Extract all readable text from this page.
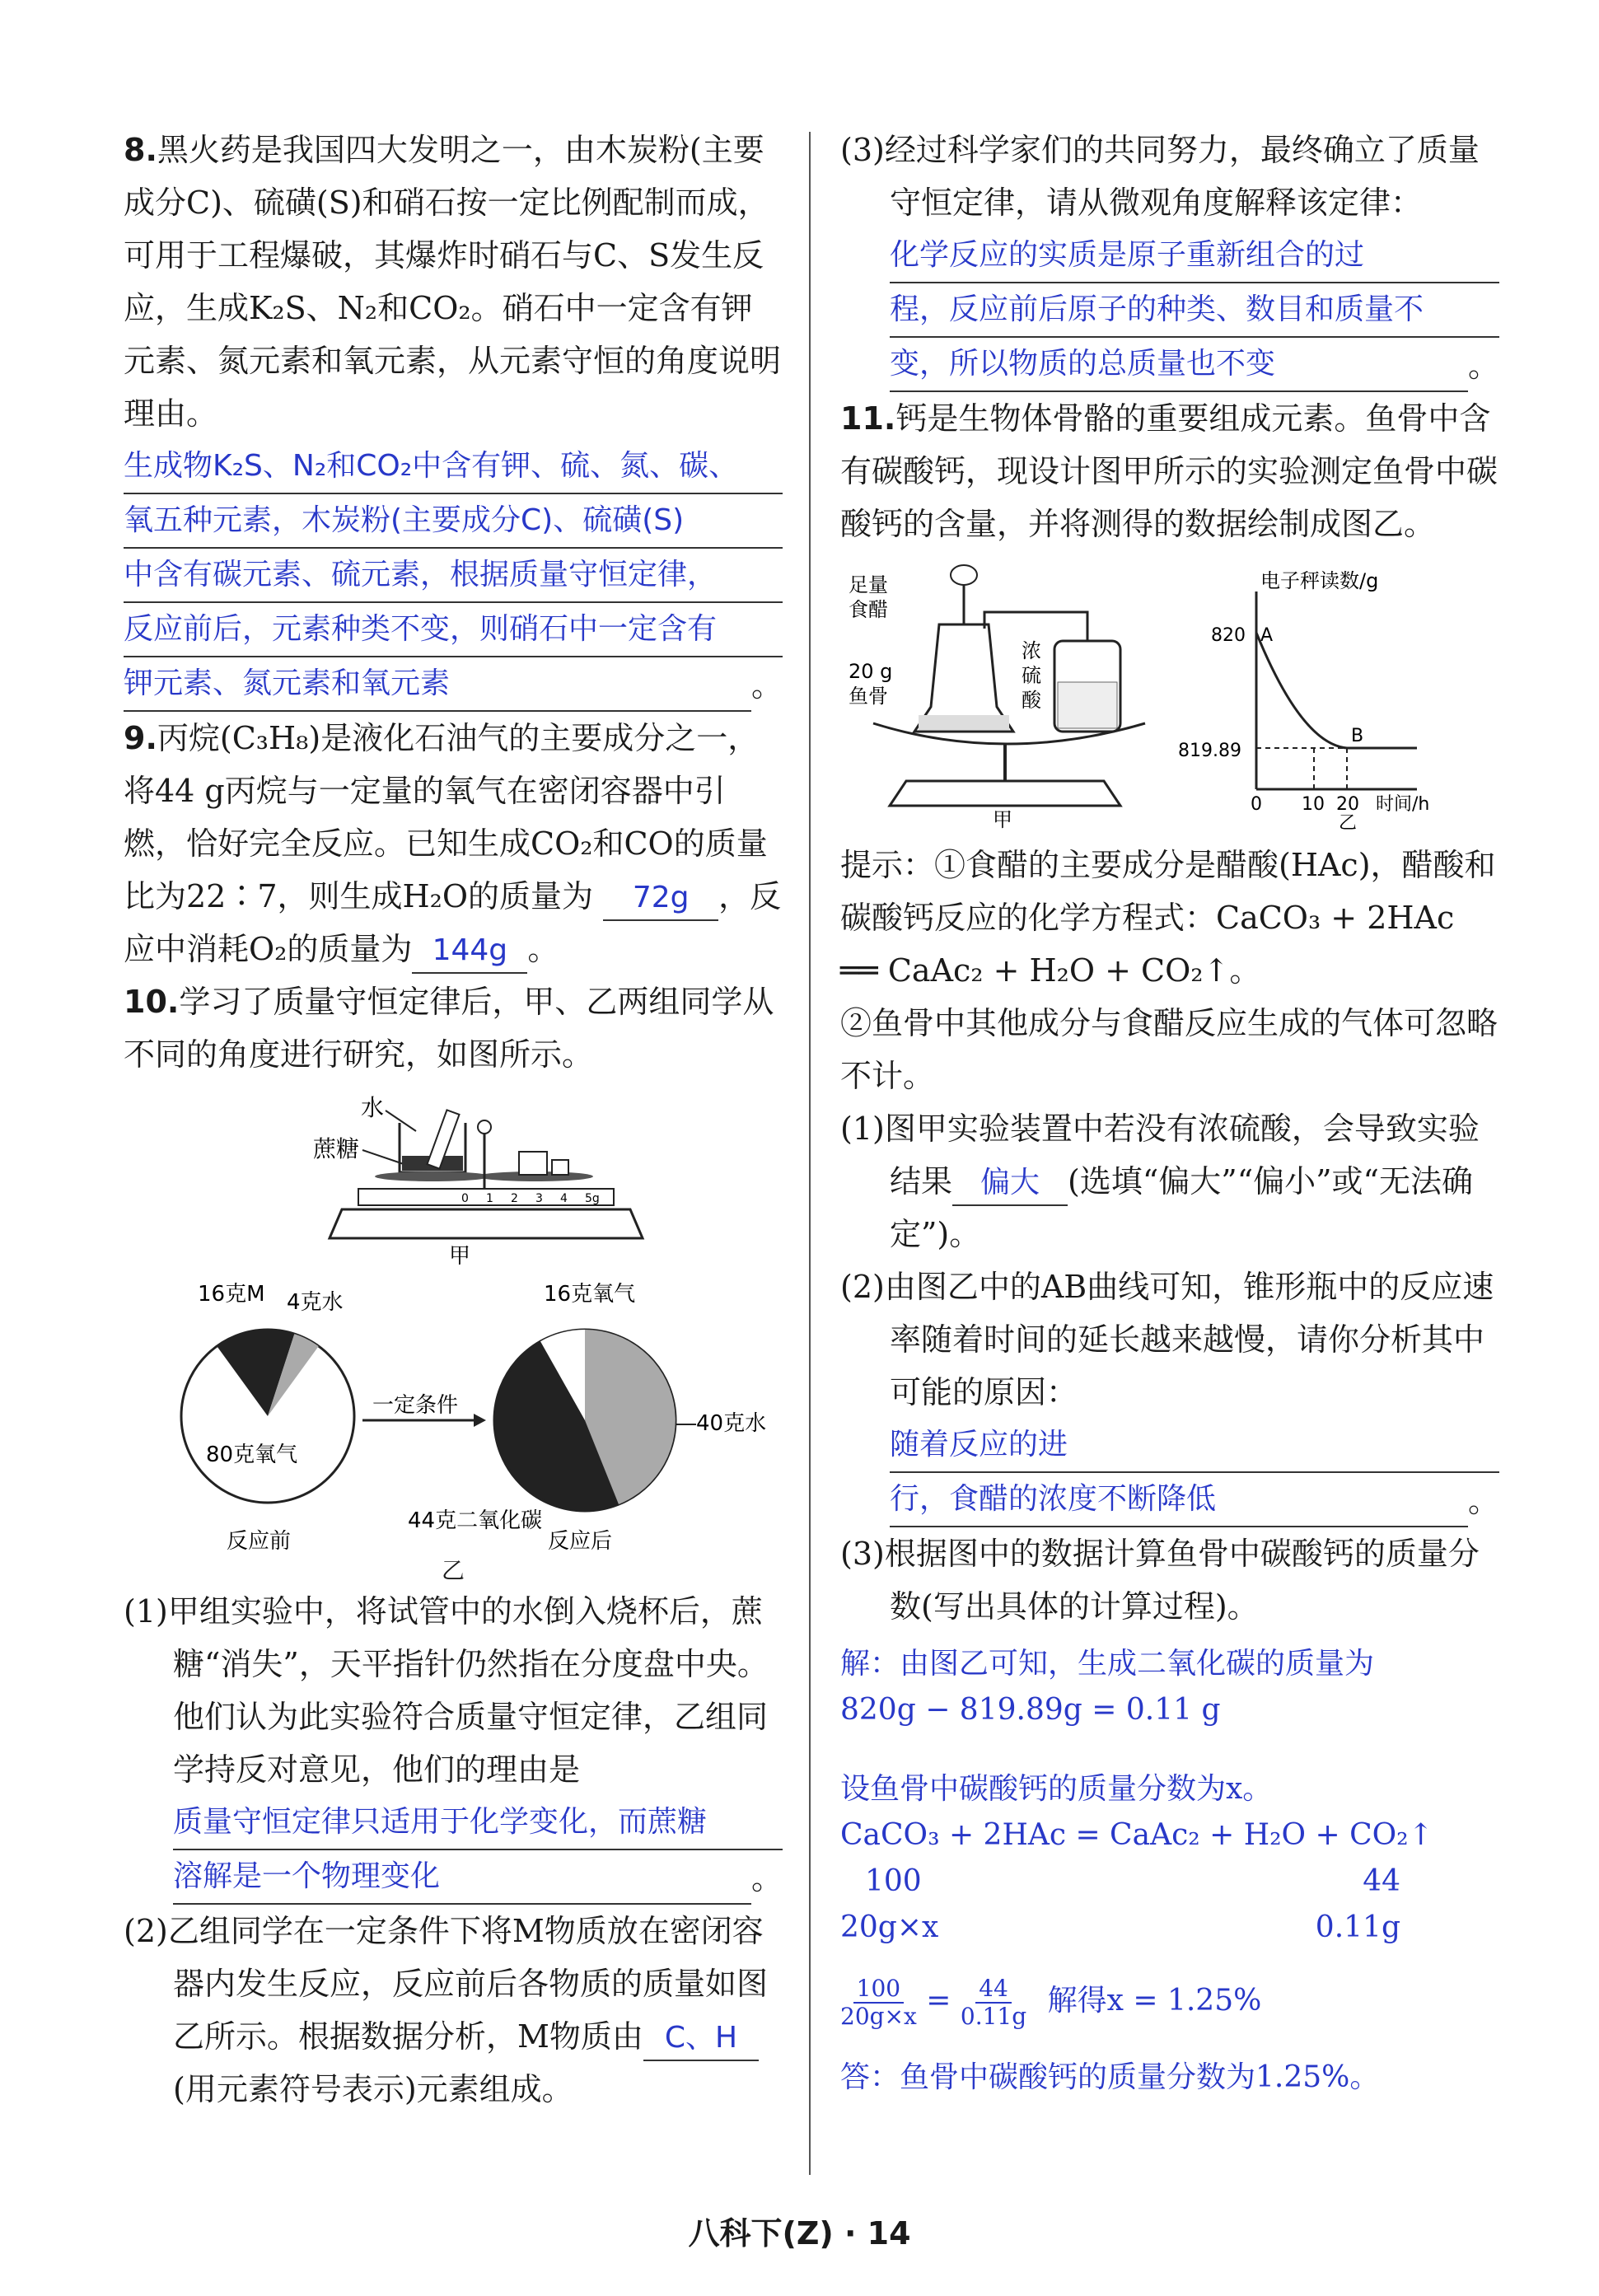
8.黑火药是我国四大发明之一，由木炭粉(主要成分C)、硫磺(S)和硝石按一定比例配制而成，可用于工程爆破，其爆炸时硝石与C、S发生反应，生成K₂S、N₂和CO₂。硝石中一定含有钾元素、氮元素和氧元素，从元素守恒的角度说明理由。
生成物K₂S、N₂和CO₂中含有钾、硫、氮、碳、
氧五种元素，木炭粉(主要成分C)、硫磺(S)
中含有碳元素、硫元素，根据质量守恒定律，
反应前后，元素种类不变，则硝石中一定含有
钾元素、氮元素和氧元素	。
9.丙烷(C₃H₈)是液化石油气的主要成分之一，将44 g丙烷与一定量的氧气在密闭容器中引燃，恰好完全反应。已知生成CO₂和CO的质量比为22∶7，则生成H₂O的质量为 72g ，反应中消耗O₂的质量为 144g 。
10.学习了质量守恒定律后，甲、乙两组同学从不同的角度进行研究，如图所示。
水
蔗糖
0 1 2 3 4 5g
甲
16克M 4克水
80克氧气
一定条件
16克氧气
40克水
44克二氧化碳
反应前	反应后
乙
(1)甲组实验中，将试管中的水倒入烧杯后，蔗糖“消失”，天平指针仍然指在分度盘中央。他们认为此实验符合质量守恒定律，乙组同学持反对意见，他们的理由是
质量守恒定律只适用于化学变化，而蔗糖
溶解是一个物理变化	。
(2)乙组同学在一定条件下将M物质放在密闭容器内发生反应，反应前后各物质的质量如图乙所示。根据数据分析，M物质由 C、H(用元素符号表示)元素组成。
(3)经过科学家们的共同努力，最终确立了质量守恒定律，请从微观角度解释该定律：
化学反应的实质是原子重新组合的过
程，反应前后原子的种类、数目和质量不
变，所以物质的总质量也不变	。
11.钙是生物体骨骼的重要组成元素。鱼骨中含有碳酸钙，现设计图甲所示的实验测定鱼骨中碳酸钙的含量，并将测得的数据绘制成图乙。
足量
食醋
20 g
鱼骨
浓
硫
酸
甲
电子秤读数/g
820 A
819.89
B
0 10 20 时间/h
乙
提示：①食醋的主要成分是醋酸(HAc)，醋酸和碳酸钙反应的化学方程式：CaCO₃ + 2HAc ══ CaAc₂ + H₂O + CO₂↑。
②鱼骨中其他成分与食醋反应生成的气体可忽略不计。
(1)图甲实验装置中若没有浓硫酸，会导致实验结果 偏大 (选填“偏大”“偏小”或“无法确定”)。
(2)由图乙中的AB曲线可知，锥形瓶中的反应速率随着时间的延长越来越慢，请你分析其中可能的原因：
随着反应的进
行，食醋的浓度不断降低	。
(3)根据图中的数据计算鱼骨中碳酸钙的质量分数(写出具体的计算过程)。
解：由图乙可知，生成二氧化碳的质量为
820g − 819.89g = 0.11 g
设鱼骨中碳酸钙的质量分数为x。
CaCO₃ + 2HAc = CaAc₂ + H₂O + CO₂↑
100	44
20g×x	0.11g
$\frac{100}{20g\times x} = \frac{44}{0.11g}$ 解得x = 1.25%
答：鱼骨中碳酸钙的质量分数为1.25%。
八科下(Z) · 14
